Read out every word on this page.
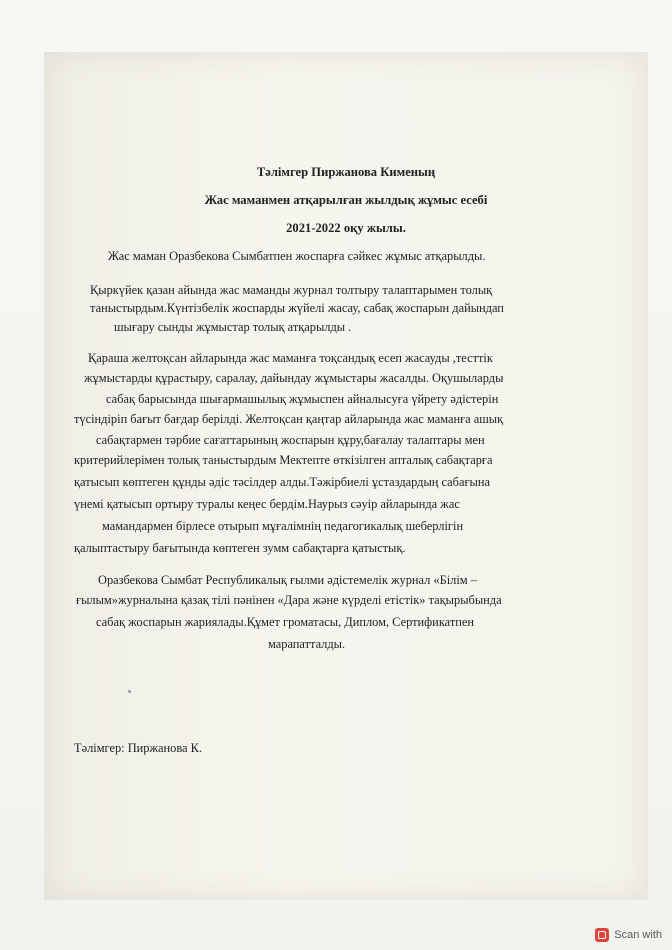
Тәлімгер Пиржанова Кименың
Жас маманмен атқарылған жылдық жұмыс есебі
2021-2022 оқу жылы.
Жас маман Оразбекова Сымбатпен жоспарға сәйкес жұмыс атқарылды.
Қыркүйек қазан айында жас маманды журнал толтыру талаптарымен толық
таныстырдым.Күнтізбелік жоспарды жүйелі жасау, сабақ жоспарын дайындап
шығару сынды жұмыстар толық атқарылды .
Қараша желтоқсан айларында жас маманға тоқсандық есеп жасауды ,тесттік
жұмыстарды құрастыру, саралау, дайындау жұмыстары жасалды. Оқушыларды
сабақ барысында шығармашылық жұмыспен айналысуға үйрету әдістерін
түсіндіріп бағыт бағдар берілді. Желтоқсан қаңтар айларында жас маманға ашық
сабақтармен тәрбие сағаттарының жоспарын құру,бағалау талаптары мен
критерийлерімен толық таныстырдым Мектепте өткізілген апталық сабақтарға
қатысып көптеген құнды әдіс тәсілдер алды.Тәжірбиелі ұстаздардың сабағына
үнемі қатысып ортыру туралы кеңес бердім.Наурыз сәуір айларында жас
мамандармен бірлесе отырып мұғалімнің педагогикалық шеберлігін
қалыптастыру бағытында көптеген зумм сабақтарға қатыстық.
Оразбекова Сымбат Республикалық ғылми әдістемелік журнал «Білім –
ғылым»журналына қазақ тілі пәнінен «Дара және күрделі етістік» тақырыбында
сабақ жоспарын жариялады.Құмет громатасы, Диплом, Сертификатпен
марапатталды.
Тәлімгер: Пиржанова К.
Scan with
